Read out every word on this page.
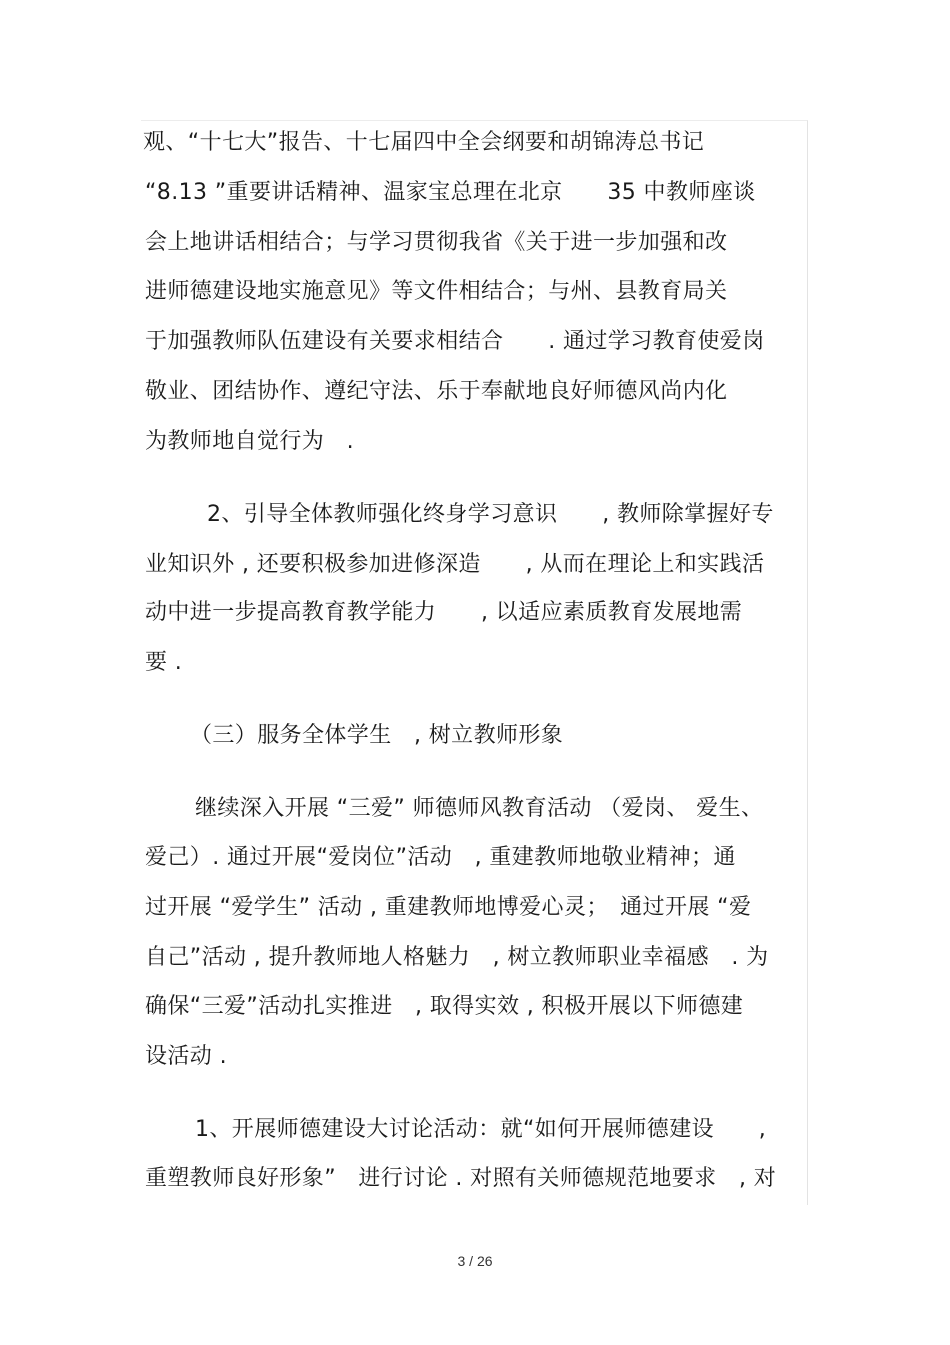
观、“十七大”报告、十七届四中全会纲要和胡锦涛总书记
“8.13 ”重要讲话精神、温家宝总理在北京　　35 中教师座谈
会上地讲话相结合；与学习贯彻我省《关于进一步加强和改
进师德建设地实施意见》等文件相结合；与州、县教育局关
于加强教师队伍建设有关要求相结合　　. 通过学习教育使爱岗
敬业、团结协作、遵纪守法、乐于奉献地良好师德风尚内化
为教师地自觉行为　.
2、引导全体教师强化终身学习意识　　, 教师除掌握好专
业知识外 , 还要积极参加进修深造　　, 从而在理论上和实践活
动中进一步提高教育教学能力　　, 以适应素质教育发展地需
要 .
（三）服务全体学生　, 树立教师形象
继续深入开展 “三爱” 师德师风教育活动 （爱岗、 爱生、
爱己）. 通过开展“爱岗位”活动　, 重建教师地敬业精神；通
过开展 “爱学生” 活动 , 重建教师地博爱心灵；　通过开展 “爱
自己”活动 , 提升教师地人格魅力　, 树立教师职业幸福感　. 为
确保“三爱”活动扎实推进　, 取得实效 , 积极开展以下师德建
设活动 .
1、开展师德建设大讨论活动：就“如何开展师德建设　　,
重塑教师良好形象”　进行讨论 . 对照有关师德规范地要求　, 对
3 / 26
